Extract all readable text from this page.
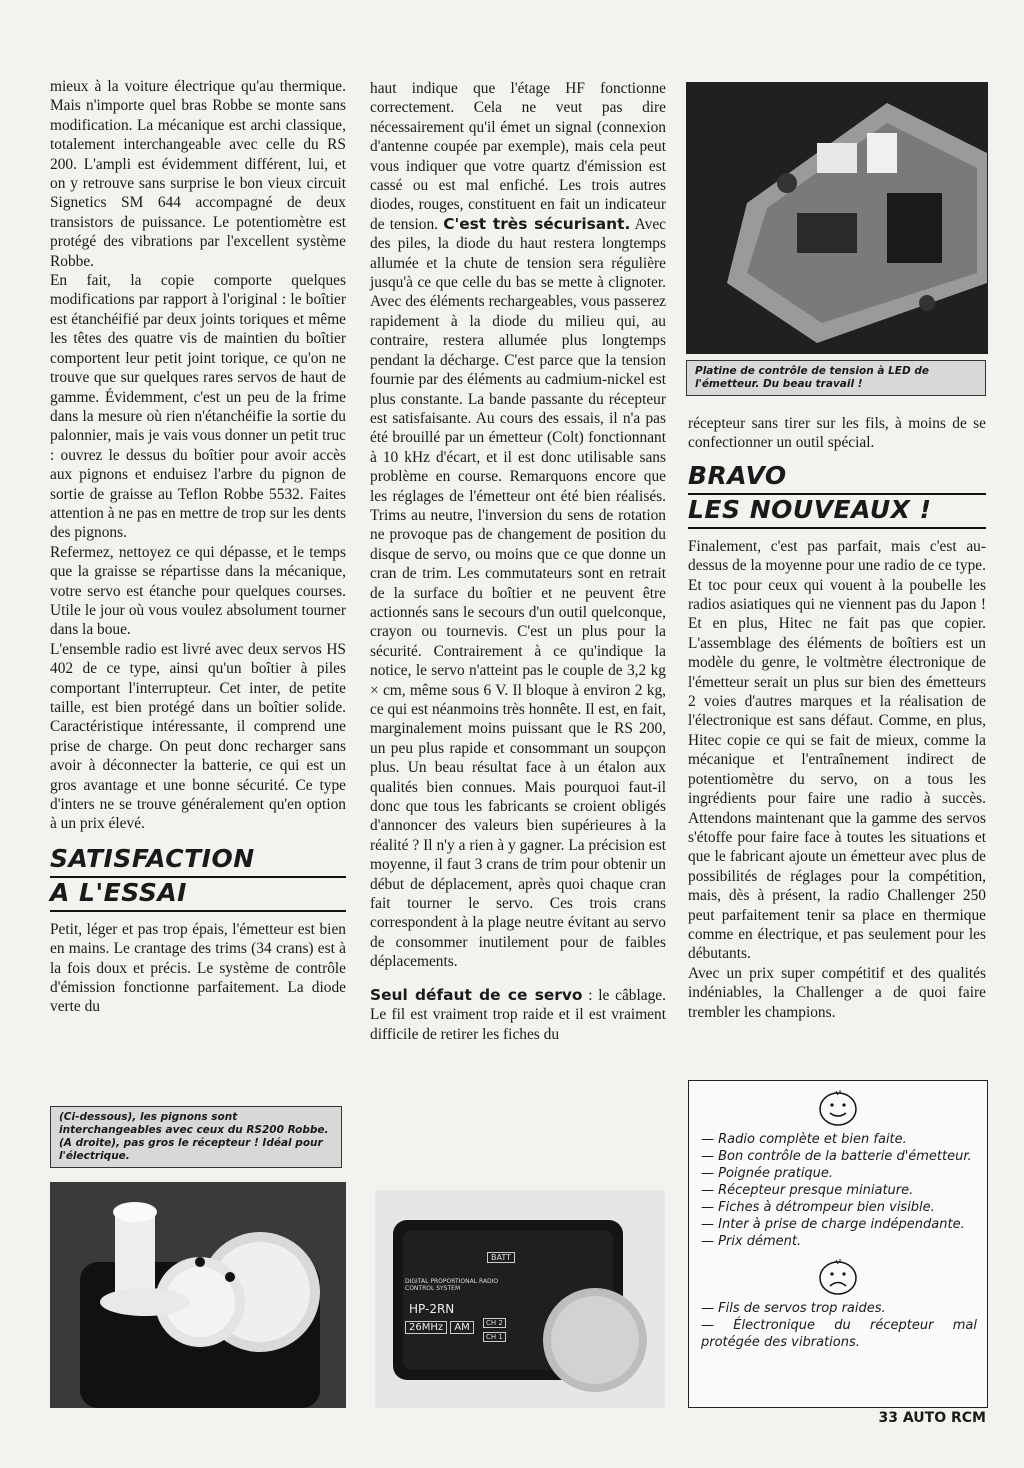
mieux à la voiture électrique qu'au thermique. Mais n'importe quel bras Robbe se monte sans modification. La mécanique est archi classique, totalement interchangeable avec celle du RS 200. L'ampli est évidemment différent, lui, et on y retrouve sans surprise le bon vieux circuit Signetics SM 644 accompagné de deux transistors de puissance. Le potentiomètre est protégé des vibrations par l'excellent système Robbe.

En fait, la copie comporte quelques modifications par rapport à l'original : le boîtier est étanchéifié par deux joints toriques et même les têtes des quatre vis de maintien du boîtier comportent leur petit joint torique, ce qu'on ne trouve que sur quelques rares servos de haut de gamme. Évidemment, c'est un peu de la frime dans la mesure où rien n'étanchéifie la sortie du palonnier, mais je vais vous donner un petit truc : ouvrez le dessus du boîtier pour avoir accès aux pignons et enduisez l'arbre du pignon de sortie de graisse au Teflon Robbe 5532. Faites attention à ne pas en mettre de trop sur les dents des pignons.

Refermez, nettoyez ce qui dépasse, et le temps que la graisse se répartisse dans la mécanique, votre servo est étanche pour quelques courses. Utile le jour où vous voulez absolument tourner dans la boue.

L'ensemble radio est livré avec deux servos HS 402 de ce type, ainsi qu'un boîtier à piles comportant l'interrupteur. Cet inter, de petite taille, est bien protégé dans un boîtier solide. Caractéristique intéressante, il comprend une prise de charge. On peut donc recharger sans avoir à déconnecter la batterie, ce qui est un gros avantage et une bonne sécurité. Ce type d'inters ne se trouve généralement qu'en option à un prix élevé.

SATISFACTION
A L'ESSAI

Petit, léger et pas trop épais, l'émetteur est bien en mains. Le crantage des trims (34 crans) est à la fois doux et précis. Le système de contrôle d'émission fonctionne parfaitement. La diode verte du

(Ci-dessous), les pignons sont interchangeables avec ceux du RS200 Robbe.
(A droite), pas gros le récepteur ! Idéal pour l'électrique.

haut indique que l'étage HF fonctionne correctement. Cela ne veut pas dire nécessairement qu'il émet un signal (connexion d'antenne coupée par exemple), mais cela peut vous indiquer que votre quartz d'émission est cassé ou est mal enfiché. Les trois autres diodes, rouges, constituent en fait un indicateur de tension. C'est très sécurisant. Avec des piles, la diode du haut restera longtemps allumée et la chute de tension sera régulière jusqu'à ce que celle du bas se mette à clignoter. Avec des éléments rechargeables, vous passerez rapidement à la diode du milieu qui, au contraire, restera allumée plus longtemps pendant la décharge. C'est parce que la tension fournie par des éléments au cadmium-nickel est plus constante. La bande passante du récepteur est satisfaisante. Au cours des essais, il n'a pas été brouillé par un émetteur (Colt) fonctionnant à 10 kHz d'écart, et il est donc utilisable sans problème en course. Remarquons encore que les réglages de l'émetteur ont été bien réalisés. Trims au neutre, l'inversion du sens de rotation ne provoque pas de changement de position du disque de servo, ou moins que ce que donne un cran de trim. Les commutateurs sont en retrait de la surface du boîtier et ne peuvent être actionnés sans le secours d'un outil quelconque, crayon ou tournevis. C'est un plus pour la sécurité. Contrairement à ce qu'indique la notice, le servo n'atteint pas le couple de 3,2 kg × cm, même sous 6 V. Il bloque à environ 2 kg, ce qui est néanmoins très honnête. Il est, en fait, marginalement moins puissant que le RS 200, un peu plus rapide et consommant un soupçon plus. Un beau résultat face à un étalon aux qualités bien connues. Mais pourquoi faut-il donc que tous les fabricants se croient obligés d'annoncer des valeurs bien supérieures à la réalité ? Il n'y a rien à y gagner. La précision est moyenne, il faut 3 crans de trim pour obtenir un début de déplacement, après quoi chaque cran fait tourner le servo. Ces trois crans correspondent à la plage neutre évitant au servo de consommer inutilement pour de faibles déplacements.

Seul défaut de ce servo : le câblage. Le fil est vraiment trop raide et il est vraiment difficile de retirer les fiches du

BATT
DIGITAL PROPORTIONAL RADIO CONTROL SYSTEM
HP-2RN
26MHz AM	CH 2
CH 1
Platine de contrôle de tension à LED de l'émetteur. Du beau travail !

récepteur sans tirer sur les fils, à moins de se confectionner un outil spécial.

BRAVO
LES NOUVEAUX !

Finalement, c'est pas parfait, mais c'est au-dessus de la moyenne pour une radio de ce type. Et toc pour ceux qui vouent à la poubelle les radios asiatiques qui ne viennent pas du Japon ! Et en plus, Hitec ne fait pas que copier. L'assemblage des éléments de boîtiers est un modèle du genre, le voltmètre électronique de l'émetteur serait un plus sur bien des émetteurs 2 voies d'autres marques et la réalisation de l'électronique est sans défaut. Comme, en plus, Hitec copie ce qui se fait de mieux, comme la mécanique et l'entraînement indirect de potentiomètre du servo, on a tous les ingrédients pour faire une radio à succès. Attendons maintenant que la gamme des servos s'étoffe pour faire face à toutes les situations et que le fabricant ajoute un émetteur avec plus de possibilités de réglages pour la compétition, mais, dès à présent, la radio Challenger 250 peut parfaitement tenir sa place en thermique comme en électrique, et pas seulement pour les débutants.

Avec un prix super compétitif et des qualités indéniables, la Challenger a de quoi faire trembler les champions.

— Radio complète et bien faite.
— Bon contrôle de la batterie d'émetteur.
— Poignée pratique.
— Récepteur presque miniature.
— Fiches à détrompeur bien visible.
— Inter à prise de charge indépendante.
— Prix dément.
— Fils de servos trop raides.
— Électronique du récepteur mal protégée des vibrations.
33 AUTO RCM
